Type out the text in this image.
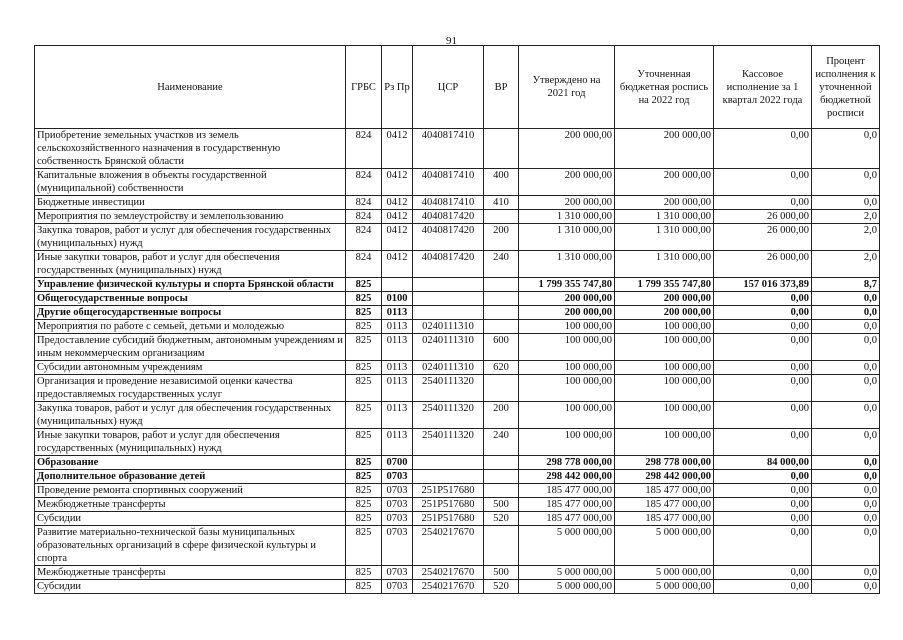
91
Наименование	ГРБС	Рз Пр	ЦСР	ВР	Утверждено на 2021 год	Уточненная бюджетная роспись на 2022 год	Кассовое исполнение за 1 квартал 2022 года	Процент исполнения к уточненной бюджетной росписи
Приобретение земельных участков из земель сельскохозяйственного назначения в государственную собственность Брянской области	824	0412	4040817410		200 000,00	200 000,00	0,00	0,0
Капитальные вложения в объекты государственной (муниципальной) собственности	824	0412	4040817410	400	200 000,00	200 000,00	0,00	0,0
Бюджетные инвестиции	824	0412	4040817410	410	200 000,00	200 000,00	0,00	0,0
Мероприятия по землеустройству и землепользованию	824	0412	4040817420		1 310 000,00	1 310 000,00	26 000,00	2,0
Закупка товаров, работ и услуг для обеспечения государственных (муниципальных) нужд	824	0412	4040817420	200	1 310 000,00	1 310 000,00	26 000,00	2,0
Иные закупки товаров, работ и услуг для обеспечения государственных (муниципальных) нужд	824	0412	4040817420	240	1 310 000,00	1 310 000,00	26 000,00	2,0
Управление физической культуры и спорта Брянской области	825				1 799 355 747,80	1 799 355 747,80	157 016 373,89	8,7
Общегосударственные вопросы	825	0100			200 000,00	200 000,00	0,00	0,0
Другие общегосударственные вопросы	825	0113			200 000,00	200 000,00	0,00	0,0
Мероприятия по работе с семьей, детьми и молодежью	825	0113	0240111310		100 000,00	100 000,00	0,00	0,0
Предоставление субсидий бюджетным, автономным учреждениям и иным некоммерческим организациям	825	0113	0240111310	600	100 000,00	100 000,00	0,00	0,0
Субсидии автономным учреждениям	825	0113	0240111310	620	100 000,00	100 000,00	0,00	0,0
Организация и проведение независимой оценки качества предоставляемых государственных услуг	825	0113	2540111320		100 000,00	100 000,00	0,00	0,0
Закупка товаров, работ и услуг для обеспечения государственных (муниципальных) нужд	825	0113	2540111320	200	100 000,00	100 000,00	0,00	0,0
Иные закупки товаров, работ и услуг для обеспечения государственных (муниципальных) нужд	825	0113	2540111320	240	100 000,00	100 000,00	0,00	0,0
Образование	825	0700			298 778 000,00	298 778 000,00	84 000,00	0,0
Дополнительное образование детей	825	0703			298 442 000,00	298 442 000,00	0,00	0,0
Проведение ремонта спортивных сооружений	825	0703	251P517680		185 477 000,00	185 477 000,00	0,00	0,0
Межбюджетные трансферты	825	0703	251P517680	500	185 477 000,00	185 477 000,00	0,00	0,0
Субсидии	825	0703	251P517680	520	185 477 000,00	185 477 000,00	0,00	0,0
Развитие материально-технической базы муниципальных образовательных организаций в сфере физической культуры и спорта	825	0703	2540217670		5 000 000,00	5 000 000,00	0,00	0,0
Межбюджетные трансферты	825	0703	2540217670	500	5 000 000,00	5 000 000,00	0,00	0,0
Субсидии	825	0703	2540217670	520	5 000 000,00	5 000 000,00	0,00	0,0
